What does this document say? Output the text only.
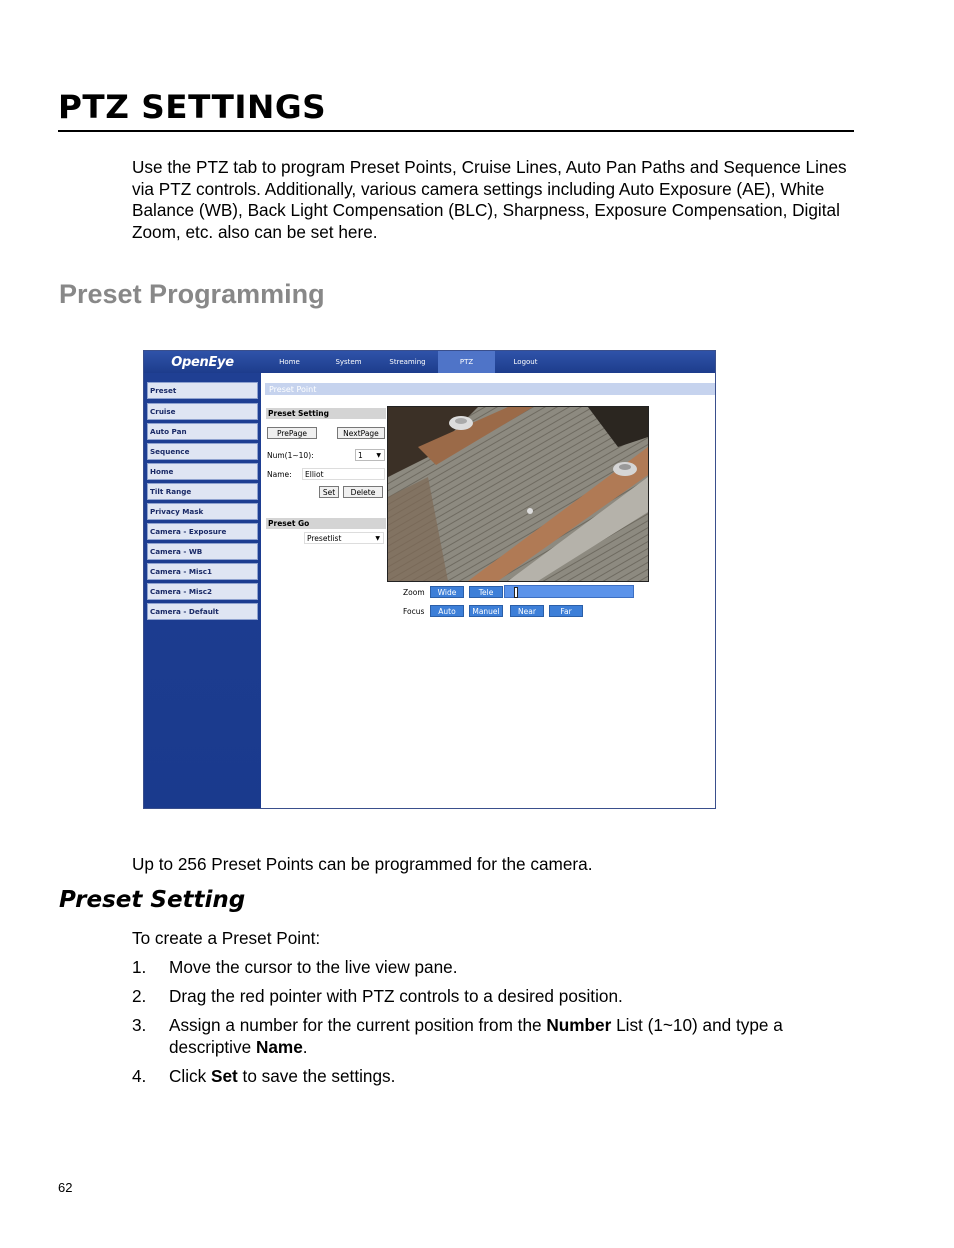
PTZ SETTINGS
Use the PTZ tab to program Preset Points, Cruise Lines, Auto Pan Paths and Sequence Lines via PTZ controls. Additionally, various camera settings including Auto Exposure (AE), White Balance (WB), Back Light Compensation (BLC), Sharpness, Exposure Compensation, Digital Zoom, etc. also can be set here.
Preset Programming
OpenEye	Home	System	Streaming	PTZ	Logout
Preset
Cruise
Auto Pan
Sequence
Home
Tilt Range
Privacy Mask
Camera - Exposure
Camera - WB
Camera - Misc1
Camera - Misc2
Camera - Default
Preset Point
Preset Setting
PrePage	NextPage
Num(1~10):	1 ▼
Name:	Elliot
Set	Delete
Preset Go
Presetlist	▼
Zoom	Wide	Tele
Focus	Auto	Manuel	Near	Far
Up to 256 Preset Points can be programmed for the camera.
Preset Setting
To create a Preset Point:
1.	Move the cursor to the live view pane.
2.	Drag the red pointer with PTZ controls to a desired position.
3.	Assign a number for the current position from the Number List (1~10) and type a descriptive Name.
4.	Click Set to save the settings.
62
